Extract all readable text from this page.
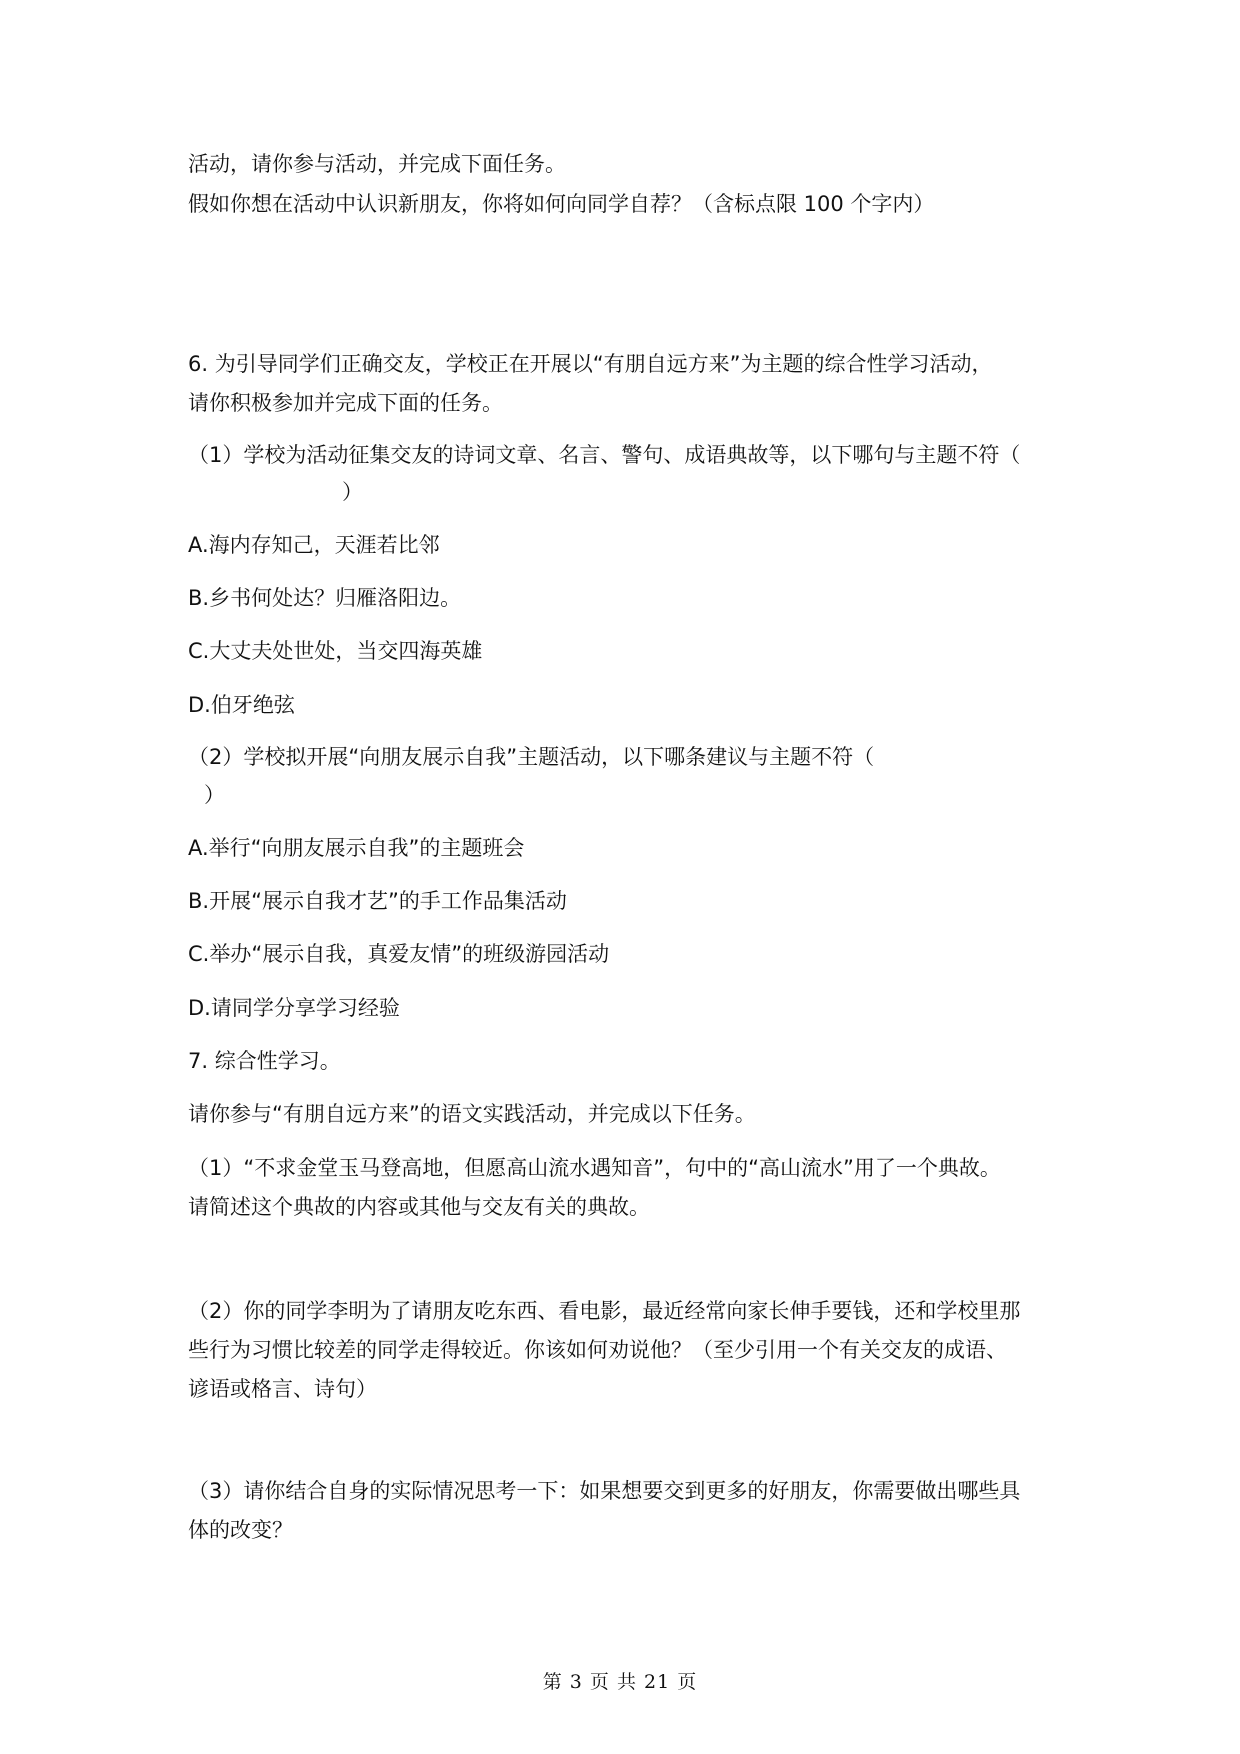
活动，请你参与活动，并完成下面任务。
假如你想在活动中认识新朋友，你将如何向同学自荐？（含标点限 100 个字内）
6. 为引导同学们正确交友，学校正在开展以“有朋自远方来”为主题的综合性学习活动，
请你积极参加并完成下面的任务。
（1）学校为活动征集交友的诗词文章、名言、警句、成语典故等，以下哪句与主题不符（
）
A.海内存知己，天涯若比邻
B.乡书何处达？归雁洛阳边。
C.大丈夫处世处，当交四海英雄
D.伯牙绝弦
（2）学校拟开展“向朋友展示自我”主题活动，以下哪条建议与主题不符（
）
A.举行“向朋友展示自我”的主题班会
B.开展“展示自我才艺”的手工作品集活动
C.举办“展示自我，真爱友情”的班级游园活动
D.请同学分享学习经验
7. 综合性学习。
请你参与“有朋自远方来”的语文实践活动，并完成以下任务。
（1）“不求金堂玉马登高地，但愿高山流水遇知音”，句中的“高山流水”用了一个典故。
请简述这个典故的内容或其他与交友有关的典故。
（2）你的同学李明为了请朋友吃东西、看电影，最近经常向家长伸手要钱，还和学校里那
些行为习惯比较差的同学走得较近。你该如何劝说他？（至少引用一个有关交友的成语、
谚语或格言、诗句）
（3）请你结合自身的实际情况思考一下：如果想要交到更多的好朋友，你需要做出哪些具
体的改变？
第 3 页 共 21 页
